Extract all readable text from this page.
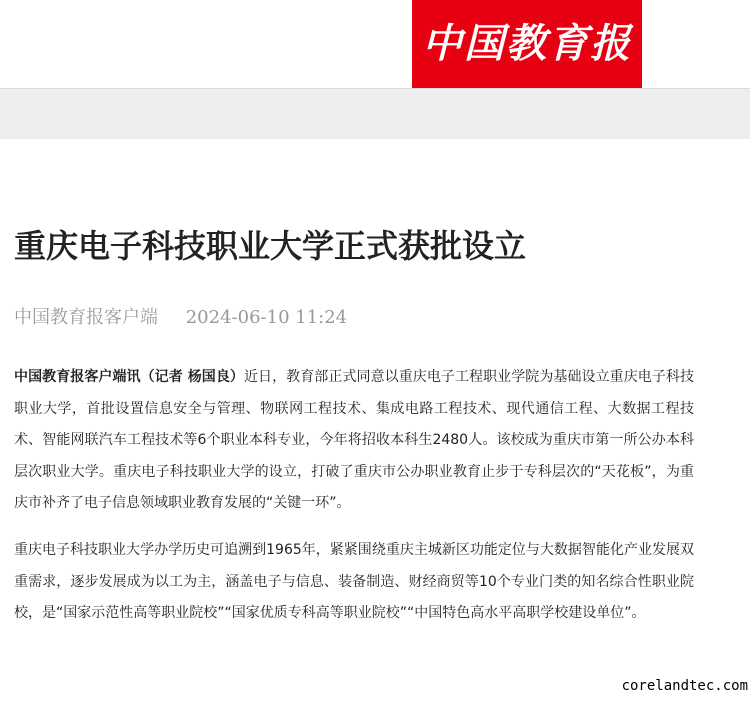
中国教育报
重庆电子科技职业大学正式获批设立
中国教育报客户端 2024-06-10 11:24

中国教育报客户端讯（记者 杨国良）近日，教育部正式同意以重庆电子工程职业学院为基础设立重庆电子科技职业大学，首批设置信息安全与管理、物联网工程技术、集成电路工程技术、现代通信工程、大数据工程技术、智能网联汽车工程技术等6个职业本科专业，今年将招收本科生2480人。该校成为重庆市第一所公办本科层次职业大学。重庆电子科技职业大学的设立，打破了重庆市公办职业教育止步于专科层次的“天花板”，为重庆市补齐了电子信息领域职业教育发展的“关键一环”。

重庆电子科技职业大学办学历史可追溯到1965年，紧紧围绕重庆主城新区功能定位与大数据智能化产业发展双重需求，逐步发展成为以工为主，涵盖电子与信息、装备制造、财经商贸等10个专业门类的知名综合性职业院校，是“国家示范性高等职业院校”“国家优质专科高等职业院校”“中国特色高水平高职学校建设单位”。

corelandtec.com
